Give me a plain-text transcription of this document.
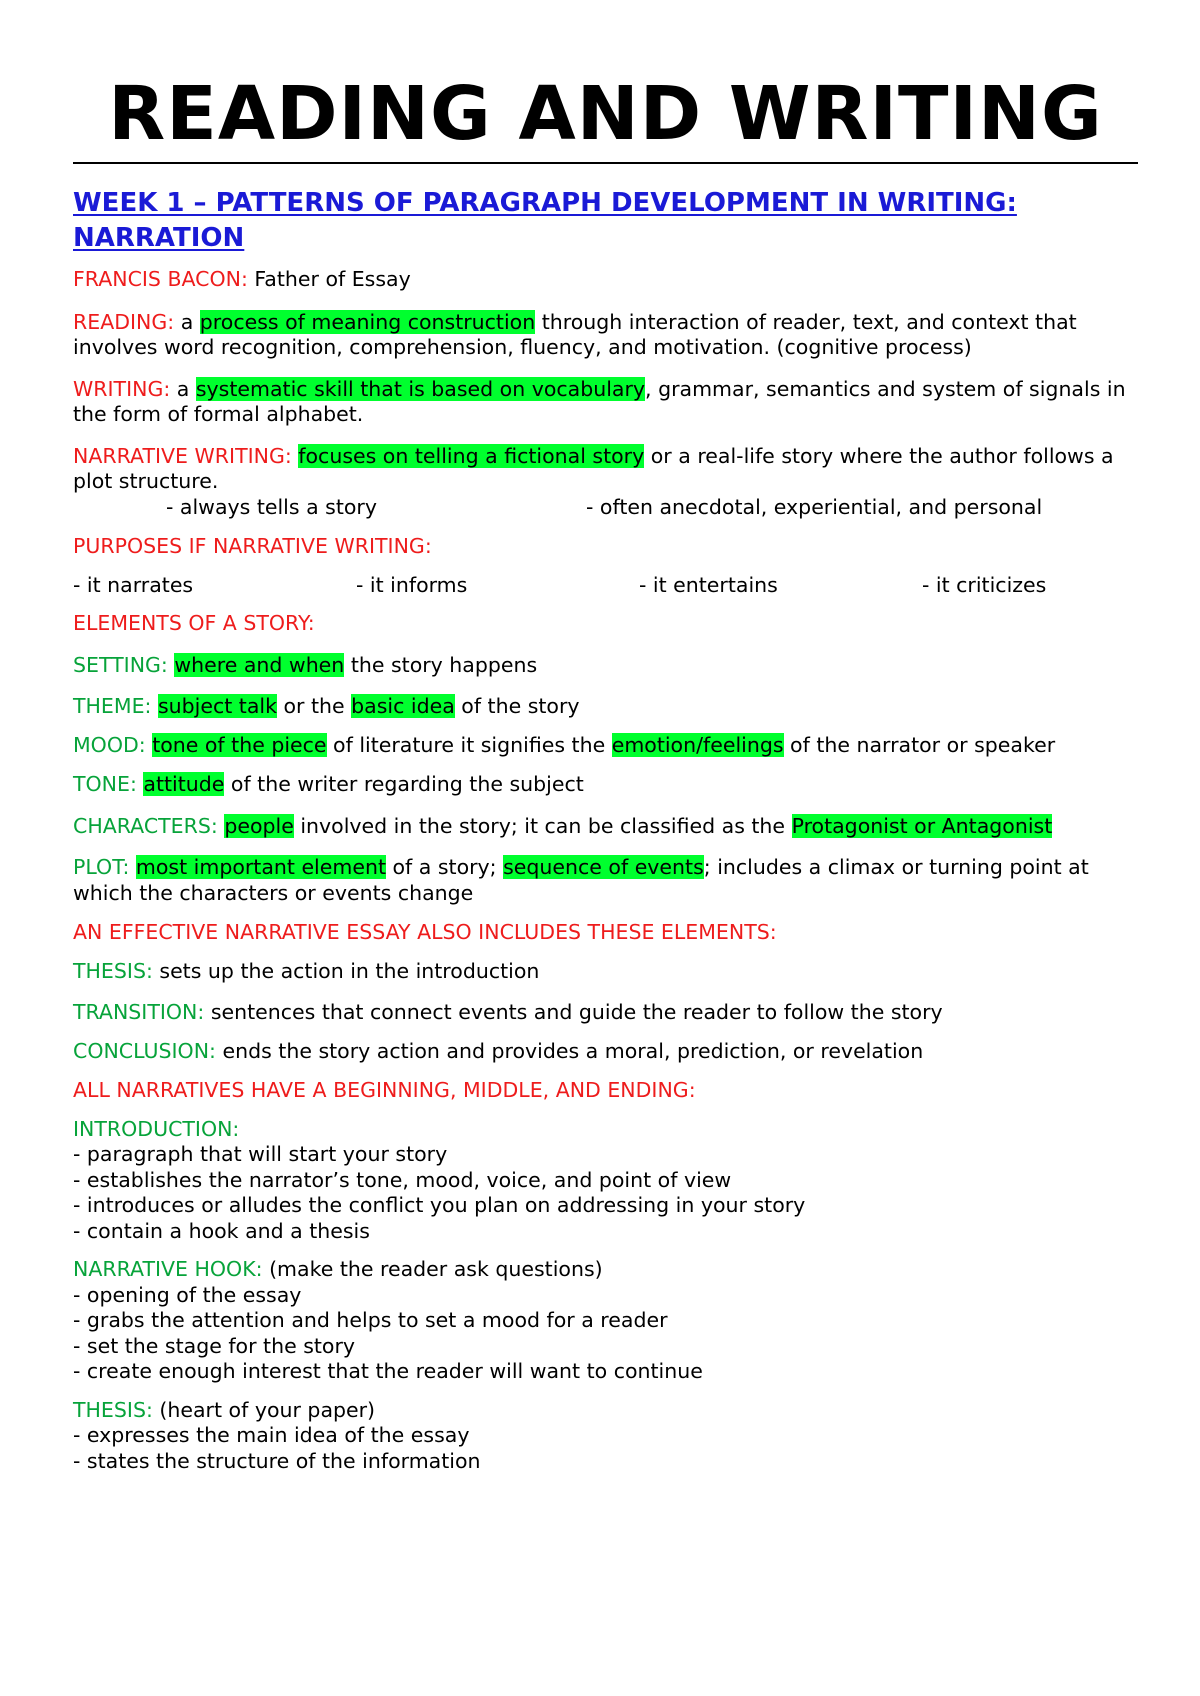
READING AND WRITING
WEEK 1 – PATTERNS OF PARAGRAPH DEVELOPMENT IN WRITING: NARRATION

FRANCIS BACON: Father of Essay

READING: a process of meaning construction through interaction of reader, text, and context that involves word recognition, comprehension, fluency, and motivation. (cognitive process)

WRITING: a systematic skill that is based on vocabulary, grammar, semantics and system of signals in the form of formal alphabet.

NARRATIVE WRITING: focuses on telling a fictional story or a real-life story where the author follows a plot structure.

- always tells a story	- often anecdotal, experiential, and personal

PURPOSES IF NARRATIVE WRITING:

- it narrates	- it informs	- it entertains	- it criticizes

ELEMENTS OF A STORY:

SETTING: where and when the story happens

THEME: subject talk or the basic idea of the story

MOOD: tone of the piece of literature it signifies the emotion/feelings of the narrator or speaker

TONE: attitude of the writer regarding the subject

CHARACTERS: people involved in the story; it can be classified as the Protagonist or Antagonist

PLOT: most important element of a story; sequence of events; includes a climax or turning point at which the characters or events change

AN EFFECTIVE NARRATIVE ESSAY ALSO INCLUDES THESE ELEMENTS:

THESIS: sets up the action in the introduction

TRANSITION: sentences that connect events and guide the reader to follow the story

CONCLUSION: ends the story action and provides a moral, prediction, or revelation

ALL NARRATIVES HAVE A BEGINNING, MIDDLE, AND ENDING:

INTRODUCTION:

- paragraph that will start your story

- establishes the narrator’s tone, mood, voice, and point of view

- introduces or alludes the conflict you plan on addressing in your story

- contain a hook and a thesis

NARRATIVE HOOK: (make the reader ask questions)

- opening of the essay

- grabs the attention and helps to set a mood for a reader

- set the stage for the story

- create enough interest that the reader will want to continue

THESIS: (heart of your paper)

- expresses the main idea of the essay

- states the structure of the information
